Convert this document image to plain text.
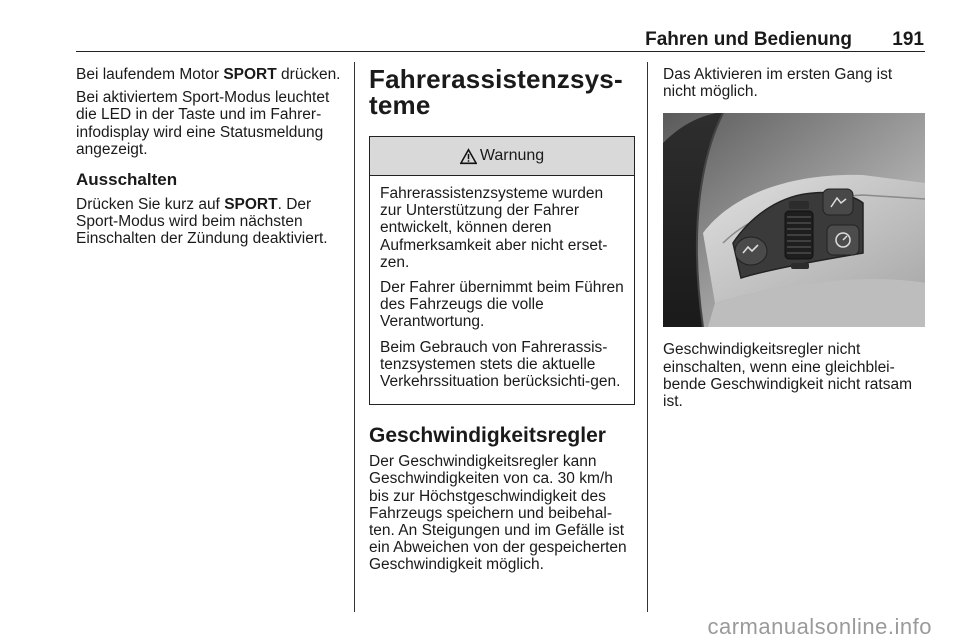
Fahren und Bedienung	191

Bei laufendem Motor SPORT drücken.

Bei aktiviertem Sport-Modus leuchtet die LED in der Taste und im Fahrer-infodisplay wird eine Statusmeldung angezeigt.

Ausschalten

Drücken Sie kurz auf SPORT. Der Sport-Modus wird beim nächsten Einschalten der Zündung deaktiviert.

Fahrerassistenzsys-
teme
Warnung

Fahrerassistenzsysteme wurden zur Unterstützung der Fahrer entwickelt, können deren Aufmerksamkeit aber nicht erset-zen.

Der Fahrer übernimmt beim Führen des Fahrzeugs die volle Verantwortung.

Beim Gebrauch von Fahrerassis-tenzsystemen stets die aktuelle Verkehrssituation berücksichti-gen.

Geschwindigkeitsregler

Der Geschwindigkeitsregler kann Geschwindigkeiten von ca. 30 km/h bis zur Höchstgeschwindigkeit des Fahrzeugs speichern und beibehal-ten. An Steigungen und im Gefälle ist ein Abweichen von der gespeicherten Geschwindigkeit möglich.

Das Aktivieren im ersten Gang ist nicht möglich.

Geschwindigkeitsregler nicht einschalten, wenn eine gleichblei-bende Geschwindigkeit nicht ratsam ist.

carmanualsonline.info
